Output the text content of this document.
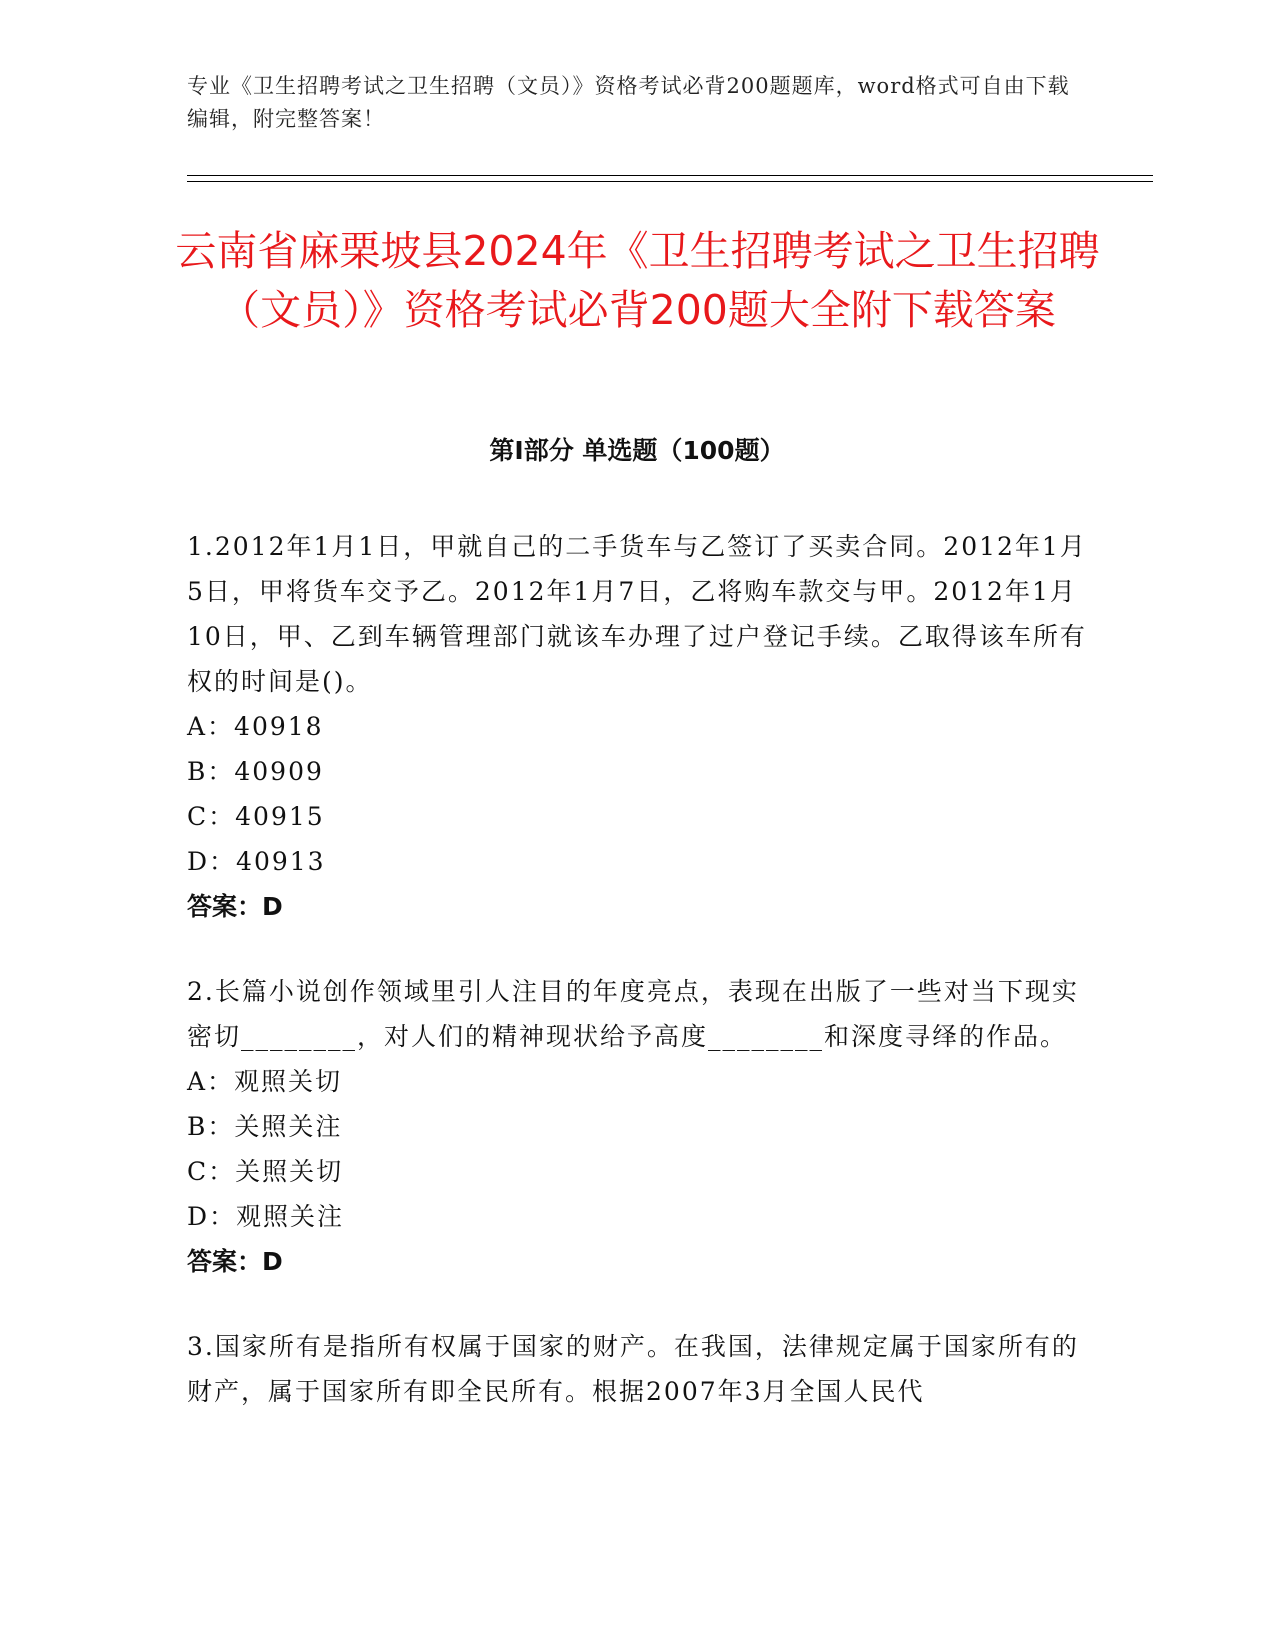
专业《卫生招聘考试之卫生招聘（文员）》资格考试必背200题题库，word格式可自由下载编辑，附完整答案！
云南省麻栗坡县2024年《卫生招聘考试之卫生招聘（文员）》资格考试必背200题大全附下载答案
第Ⅰ部分 单选题（100题）

1.2012年1月1日，甲就自己的二手货车与乙签订了买卖合同。2012年1月5日，甲将货车交予乙。2012年1月7日，乙将购车款交与甲。2012年1月10日，甲、乙到车辆管理部门就该车办理了过户登记手续。乙取得该车所有权的时间是()。

A：40918

B：40909

C：40915

D：40913

答案：D

2.长篇小说创作领域里引人注目的年度亮点，表现在出版了一些对当下现实密切________，对人们的精神现状给予高度________和深度寻绎的作品。

A：观照关切

B：关照关注

C：关照关切

D：观照关注

答案：D

3.国家所有是指所有权属于国家的财产。在我国，法律规定属于国家所有的财产，属于国家所有即全民所有。根据2007年3月全国人民代
